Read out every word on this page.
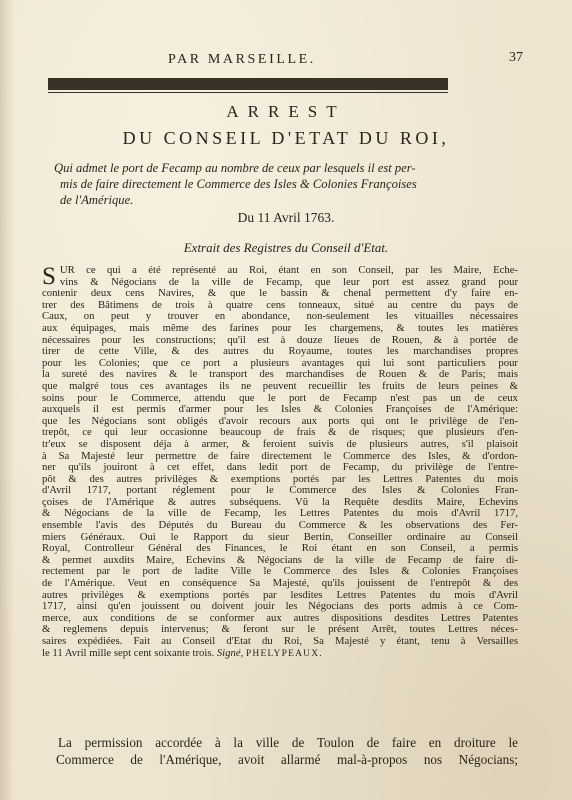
PAR MARSEILLE.	37
ARREST
DU CONSEIL D'ETAT DU ROI,
Qui admet le port de Fecamp au nombre de ceux par lesquels il est per-
mis de faire directement le Commerce des Isles & Colonies Françoises
de l'Amérique.
Du 11 Avril 1763.
Extrait des Registres du Conseil d'Etat.
S UR ce qui a été représenté au Roi, étant en son Conseil, par les Maire, Eche-
vins & Négocians de la ville de Fecamp, que leur port est assez grand pour
contenir deux cens Navires, & que le bassin & chenal permettent d'y faire en-
trer des Bâtimens de trois à quatre cens tonneaux, situé au centre du pays de
Caux, on peut y trouver en abondance, non-seulement les vituailles nécessaires
aux équipages, mais même des farines pour les chargemens, & toutes les matières
nécessaires pour les constructions; qu'il est à douze lieues de Rouen, & à portée de
tirer de cette Ville, & des autres du Royaume, toutes les marchandises propres
pour les Colonies; que ce port a plusieurs avantages qui lui sont particuliers pour
la sureté des navires & le transport des marchandises de Rouen & de Paris; mais
que malgré tous ces avantages ils ne peuvent recueillir les fruits de leurs peines &
soins pour le Commerce, attendu que le port de Fecamp n'est pas un de ceux
auxquels il est permis d'armer pour les Isles & Colonies Françoises de l'Amérique:
que les Négocians sont obligés d'avoir recours aux ports qui ont le privilège de l'en-
trepôt, ce qui leur occasionne beaucoup de frais & de risques; que plusieurs d'en-
tr'eux se disposent déja à armer, & feroient suivis de plusieurs autres, s'il plaisoit
à Sa Majesté leur permettre de faire directement le Commerce des Isles, & d'ordon-
ner qu'ils jouiront à cet effet, dans ledit port de Fecamp, du privilège de l'entre-
pôt & des autres privilèges & exemptions portés par les Lettres Patentes du mois
d'Avril 1717, portant réglement pour le Commerce des Isles & Colonies Fran-
çoises de l'Amérique & autres subséquens. Vû la Requête desdits Maire, Echevins
& Négocians de la ville de Fecamp, les Lettres Patentes du mois d'Avril 1717,
ensemble l'avis des Députés du Bureau du Commerce & les observations des Fer-
miers Généraux. Oui le Rapport du sieur Bertin, Conseiller ordinaire au Conseil
Royal, Controlleur Général des Finances, le Roi étant en son Conseil, a permis
& permet auxdits Maire, Echevins & Négocians de la ville de Fecamp de faire di-
rectement par le port de ladite Ville le Commerce des Isles & Colonies Françoises
de l'Amérique. Veut en conséquence Sa Majesté, qu'ils jouissent de l'entrepôt & des
autres privilèges & exemptions portés par lesdites Lettres Patentes du mois d'Avril
1717, ainsi qu'en jouissent ou doivent jouir les Négocians des ports admis à ce Com-
merce, aux conditions de se conformer aux autres dispositions desdites Lettres Patentes
& reglemens depuis intervenus; & feront sur le présent Arrêt, toutes Lettres néces-
saires expédiées. Fait au Conseil d'Etat du Roi, Sa Majesté y étant, tenu à Versailles
le 11 Avril mille sept cent soixante trois. Signé, PHELYPEAUX.
La permission accordée à la ville de Toulon de faire en droiture le
Commerce de l'Amérique, avoit allarmé mal-à-propos nos Négocians;
